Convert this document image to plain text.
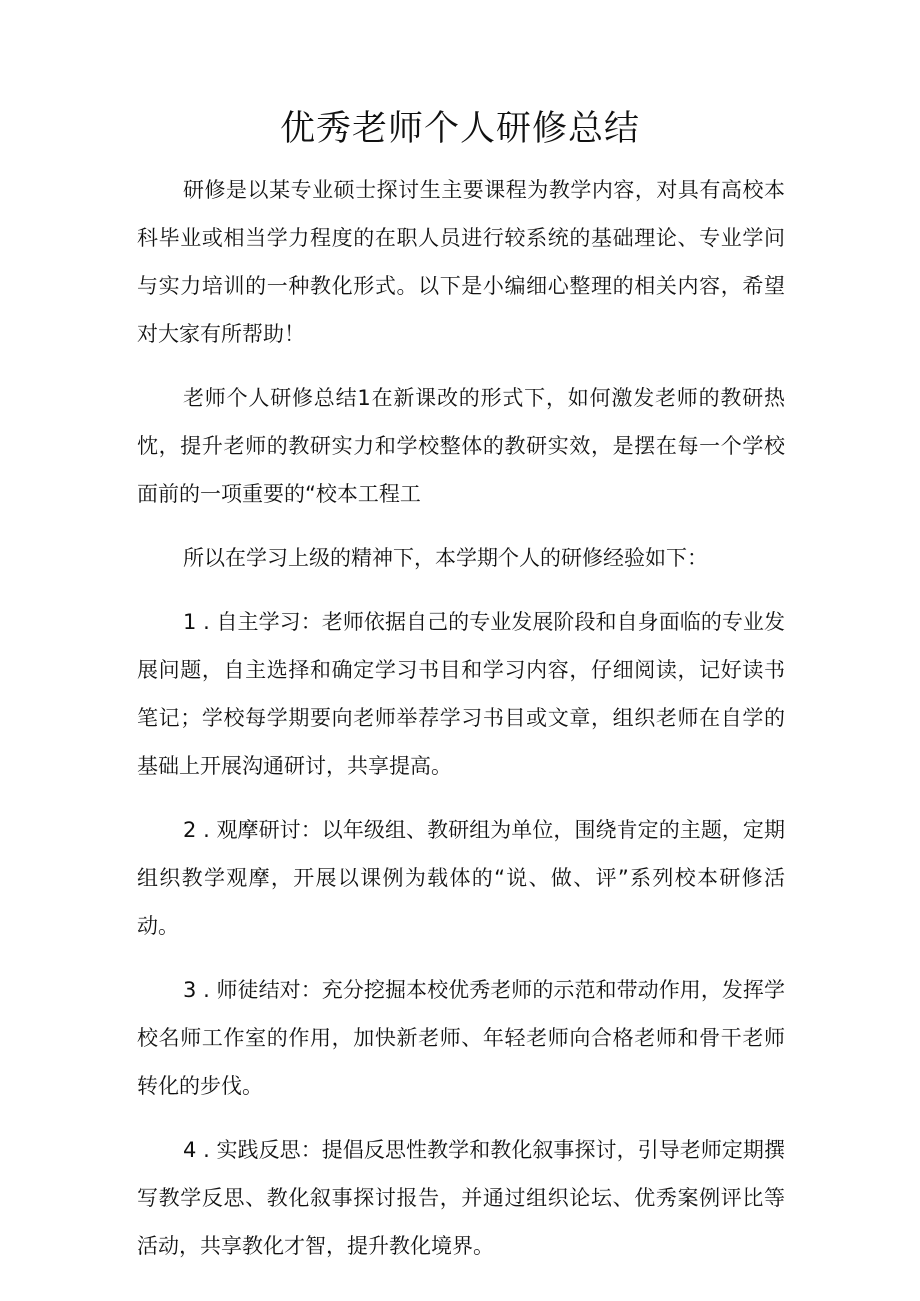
优秀老师个人研修总结

研修是以某专业硕士探讨生主要课程为教学内容，对具有高校本科毕业或相当学力程度的在职人员进行较系统的基础理论、专业学问与实力培训的一种教化形式。以下是小编细心整理的相关内容，希望对大家有所帮助！

老师个人研修总结1在新课改的形式下，如何激发老师的教研热忱，提升老师的教研实力和学校整体的教研实效，是摆在每一个学校面前的一项重要的“校本工程工

所以在学习上级的精神下，本学期个人的研修经验如下：

1 . 自主学习：老师依据自己的专业发展阶段和自身面临的专业发展问题，自主选择和确定学习书目和学习内容，仔细阅读，记好读书笔记；学校每学期要向老师举荐学习书目或文章，组织老师在自学的基础上开展沟通研讨，共享提高。

2 . 观摩研讨：以年级组、教研组为单位，围绕肯定的主题，定期组织教学观摩，开展以课例为载体的“说、做、评”系列校本研修活动。

3 . 师徒结对：充分挖掘本校优秀老师的示范和带动作用，发挥学校名师工作室的作用，加快新老师、年轻老师向合格老师和骨干老师转化的步伐。

4 . 实践反思：提倡反思性教学和教化叙事探讨，引导老师定期撰写教学反思、教化叙事探讨报告，并通过组织论坛、优秀案例评比等活动，共享教化才智，提升教化境界。
